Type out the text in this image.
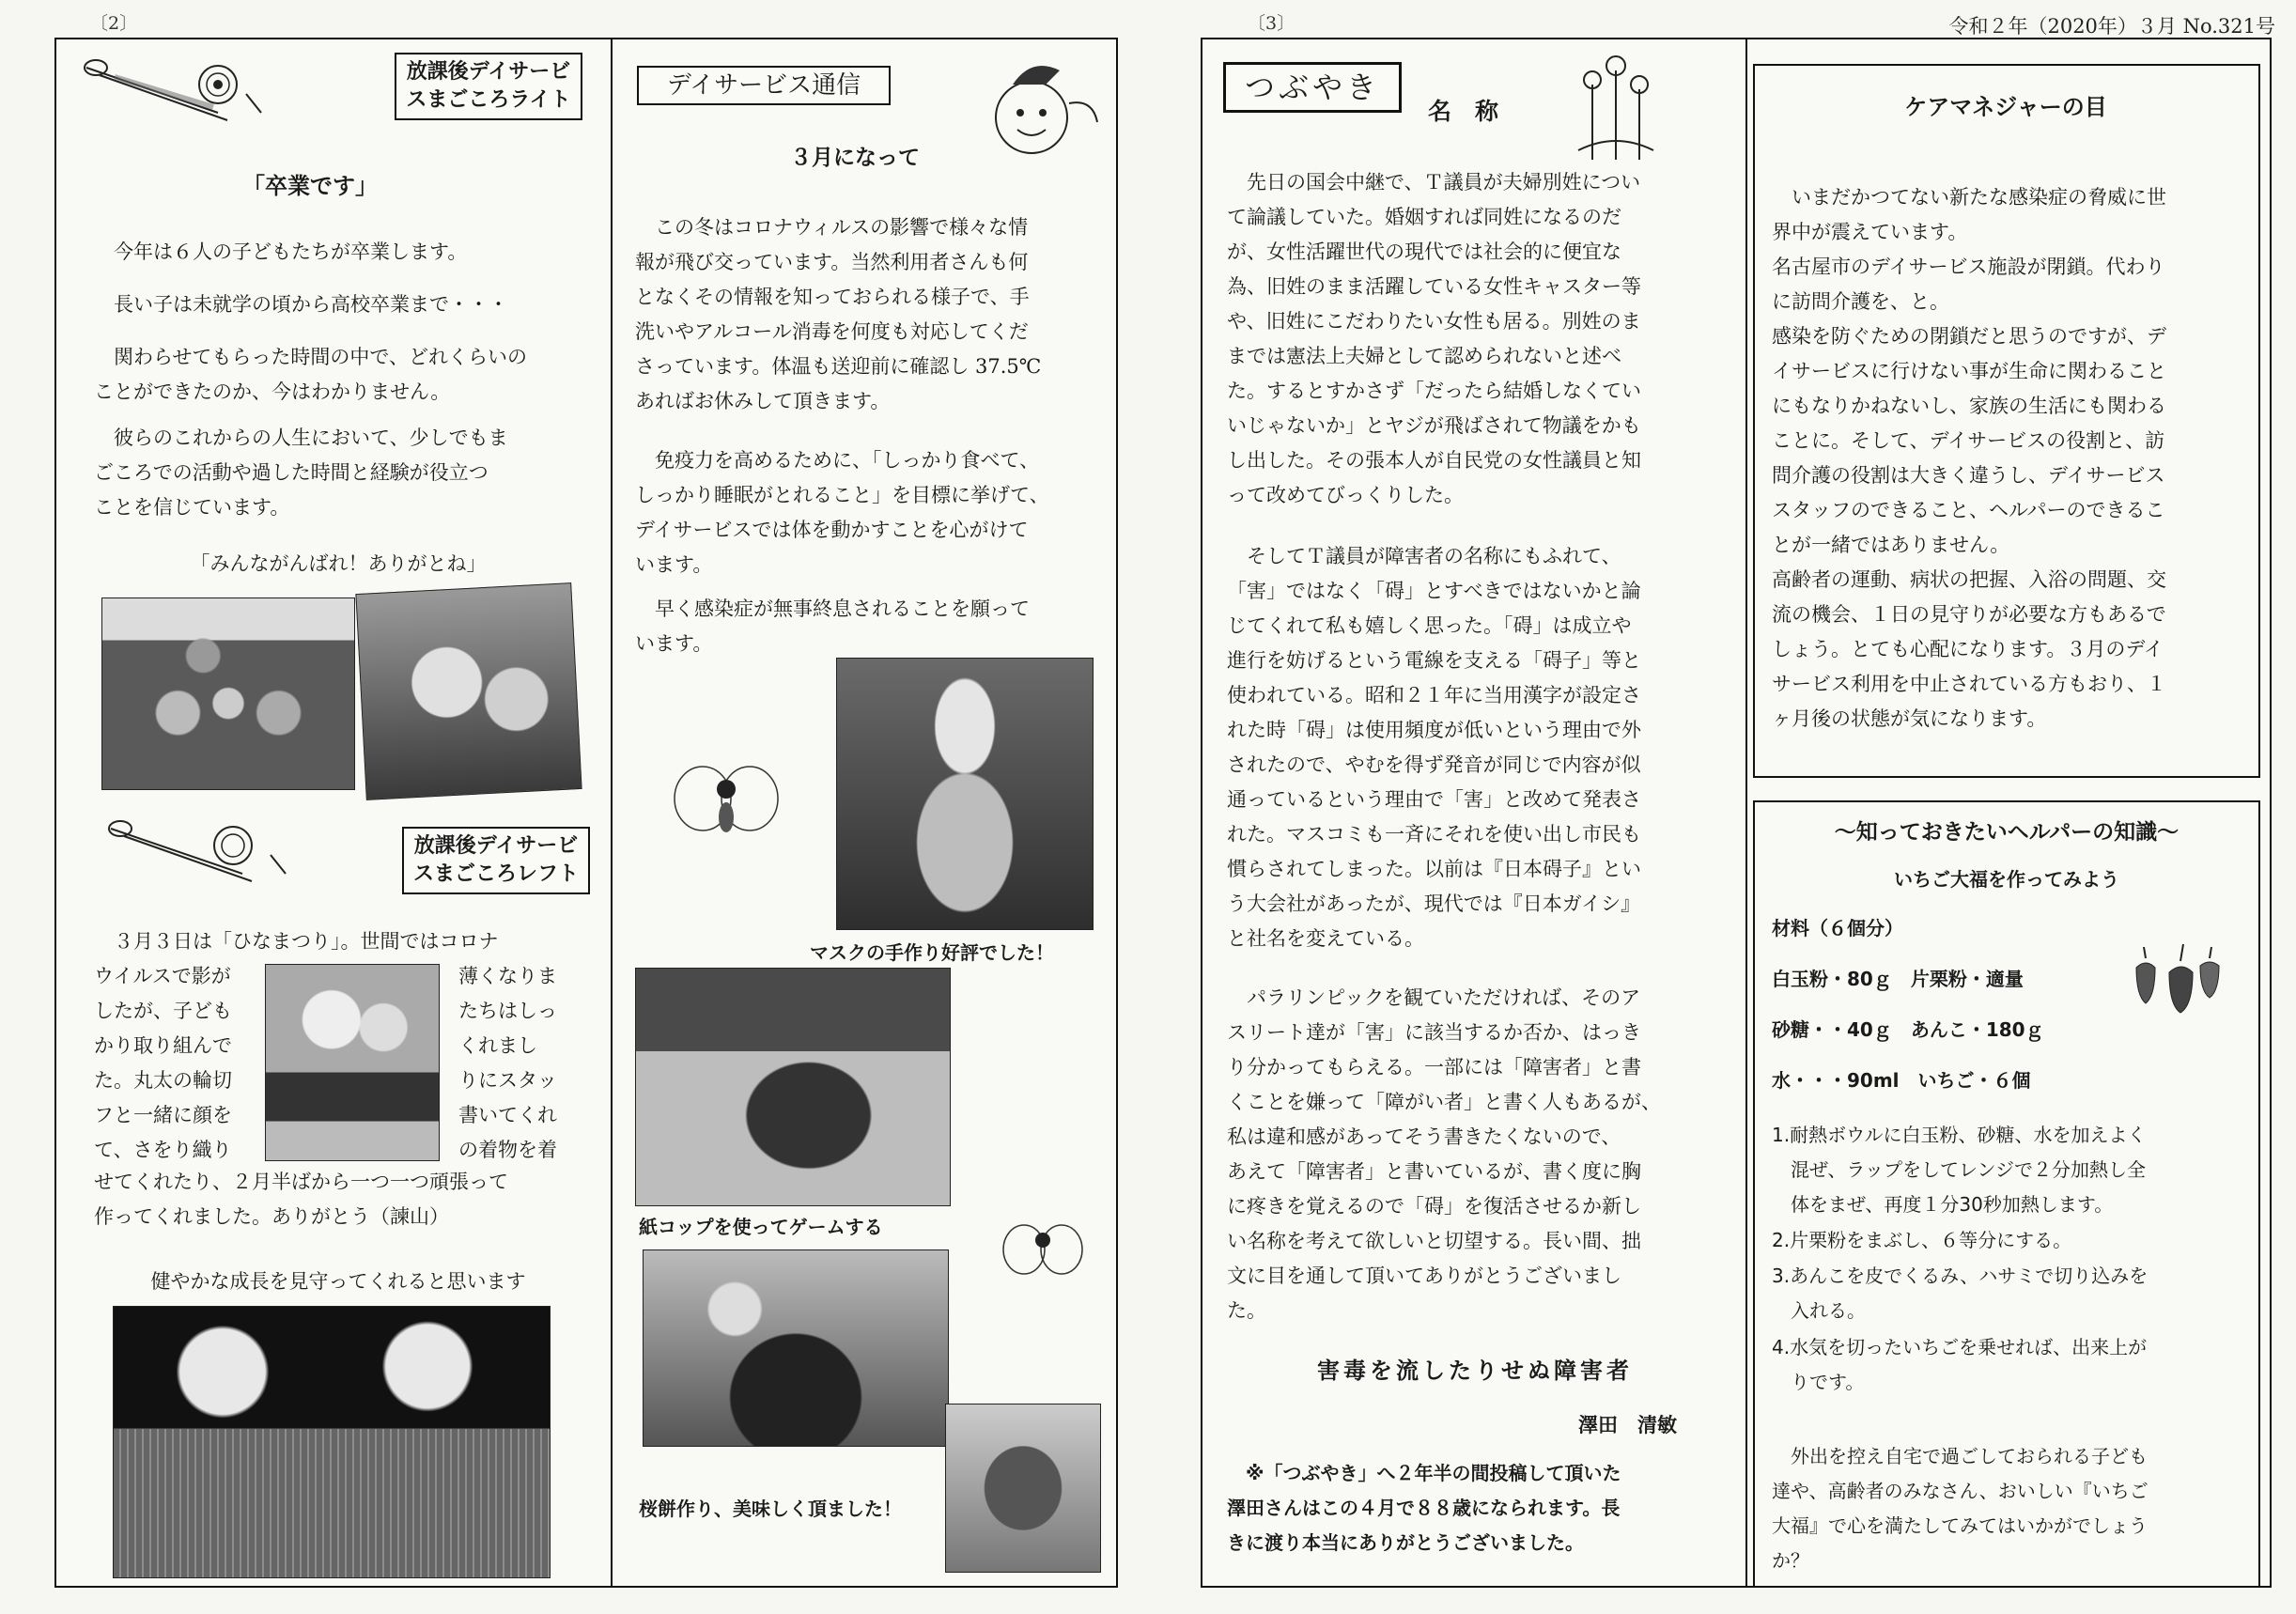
〔2〕	〔3〕	令和２年（2020年）３月 No.321号
放課後デイサービ
スまごころライト
「卒業です」
　今年は６人の子どもたちが卒業します。
　長い子は未就学の頃から高校卒業まで・・・
　関わらせてもらった時間の中で、どれくらいの
ことができたのか、今はわかりません。
　彼らのこれからの人生において、少しでもま
ごころでの活動や過した時間と経験が役立つ
ことを信じています。
「みんながんばれ！ありがとね」
放課後デイサービ
スまごころレフト
　３月３日は「ひなまつり」。世間ではコロナ
ウイルスで影が
したが、子ども
かり取り組んで
た。丸太の輪切
フと一緒に顔を
て、さをり織り
薄くなりま
たちはしっ
くれまし
りにスタッ
書いてくれ
の着物を着
せてくれたり、２月半ばから一つ一つ頑張って
作ってくれました。ありがとう（諫山）
健やかな成長を見守ってくれると思います
デイサービス通信
３月になって
　この冬はコロナウィルスの影響で様々な情
報が飛び交っています。当然利用者さんも何
となくその情報を知っておられる様子で、手
洗いやアルコール消毒を何度も対応してくだ
さっています。体温も送迎前に確認し 37.5℃
あればお休みして頂きます。
　免疫力を高めるために、「しっかり食べて、
しっかり睡眠がとれること」を目標に挙げて、
デイサービスでは体を動かすことを心がけて
います。
　早く感染症が無事終息されることを願って
います。
マスクの手作り好評でした！
紙コップを使ってゲームする
桜餅作り、美味しく頂ました！
つぶやき
名　称
　先日の国会中継で、Ｔ議員が夫婦別姓につい
て論議していた。婚姻すれば同姓になるのだ
が、女性活躍世代の現代では社会的に便宜な
為、旧姓のまま活躍している女性キャスター等
や、旧姓にこだわりたい女性も居る。別姓のま
までは憲法上夫婦として認められないと述べ
た。するとすかさず「だったら結婚しなくてい
いじゃないか」とヤジが飛ばされて物議をかも
し出した。その張本人が自民党の女性議員と知
って改めてびっくりした。
　そしてＴ議員が障害者の名称にもふれて、
「害」ではなく「碍」とすべきではないかと論
じてくれて私も嬉しく思った。「碍」は成立や
進行を妨げるという電線を支える「碍子」等と
使われている。昭和２１年に当用漢字が設定さ
れた時「碍」は使用頻度が低いという理由で外
されたので、やむを得ず発音が同じで内容が似
通っているという理由で「害」と改めて発表さ
れた。マスコミも一斉にそれを使い出し市民も
慣らされてしまった。以前は『日本碍子』とい
う大会社があったが、現代では『日本ガイシ』
と社名を変えている。
　パラリンピックを観ていただければ、そのア
スリート達が「害」に該当するか否か、はっき
り分かってもらえる。一部には「障害者」と書
くことを嫌って「障がい者」と書く人もあるが、
私は違和感があってそう書きたくないので、
あえて「障害者」と書いているが、書く度に胸
に疼きを覚えるので「碍」を復活させるか新し
い名称を考えて欲しいと切望する。長い間、拙
文に目を通して頂いてありがとうございまし
た。
害毒を流したりせぬ障害者
澤田　清敏
　※「つぶやき」へ２年半の間投稿して頂いた
澤田さんはこの４月で８８歳になられます。長
きに渡り本当にありがとうございました。
ケアマネジャーの目
　いまだかつてない新たな感染症の脅威に世
界中が震えています。
名古屋市のデイサービス施設が閉鎖。代わり
に訪問介護を、と。
感染を防ぐための閉鎖だと思うのですが、デ
イサービスに行けない事が生命に関わること
にもなりかねないし、家族の生活にも関わる
ことに。そして、デイサービスの役割と、訪
問介護の役割は大きく違うし、デイサービス
スタッフのできること、ヘルパーのできるこ
とが一緒ではありません。
高齢者の運動、病状の把握、入浴の問題、交
流の機会、１日の見守りが必要な方もあるで
しょう。とても心配になります。３月のデイ
サービス利用を中止されている方もおり、１
ヶ月後の状態が気になります。
～知っておきたいヘルパーの知識～
いちご大福を作ってみよう
材料（６個分）
白玉粉・80ｇ　片栗粉・適量
砂糖・・40ｇ　あんこ・180ｇ
水・・・90ml　いちご・６個
1.耐熱ボウルに白玉粉、砂糖、水を加えよく
　混ぜ、ラップをしてレンジで２分加熱し全
　体をまぜ、再度１分30秒加熱します。
2.片栗粉をまぶし、６等分にする。
3.あんこを皮でくるみ、ハサミで切り込みを
　入れる。
4.水気を切ったいちごを乗せれば、出来上が
　りです。
　外出を控え自宅で過ごしておられる子ども
達や、高齢者のみなさん、おいしい『いちご
大福』で心を満たしてみてはいかがでしょう
か？
